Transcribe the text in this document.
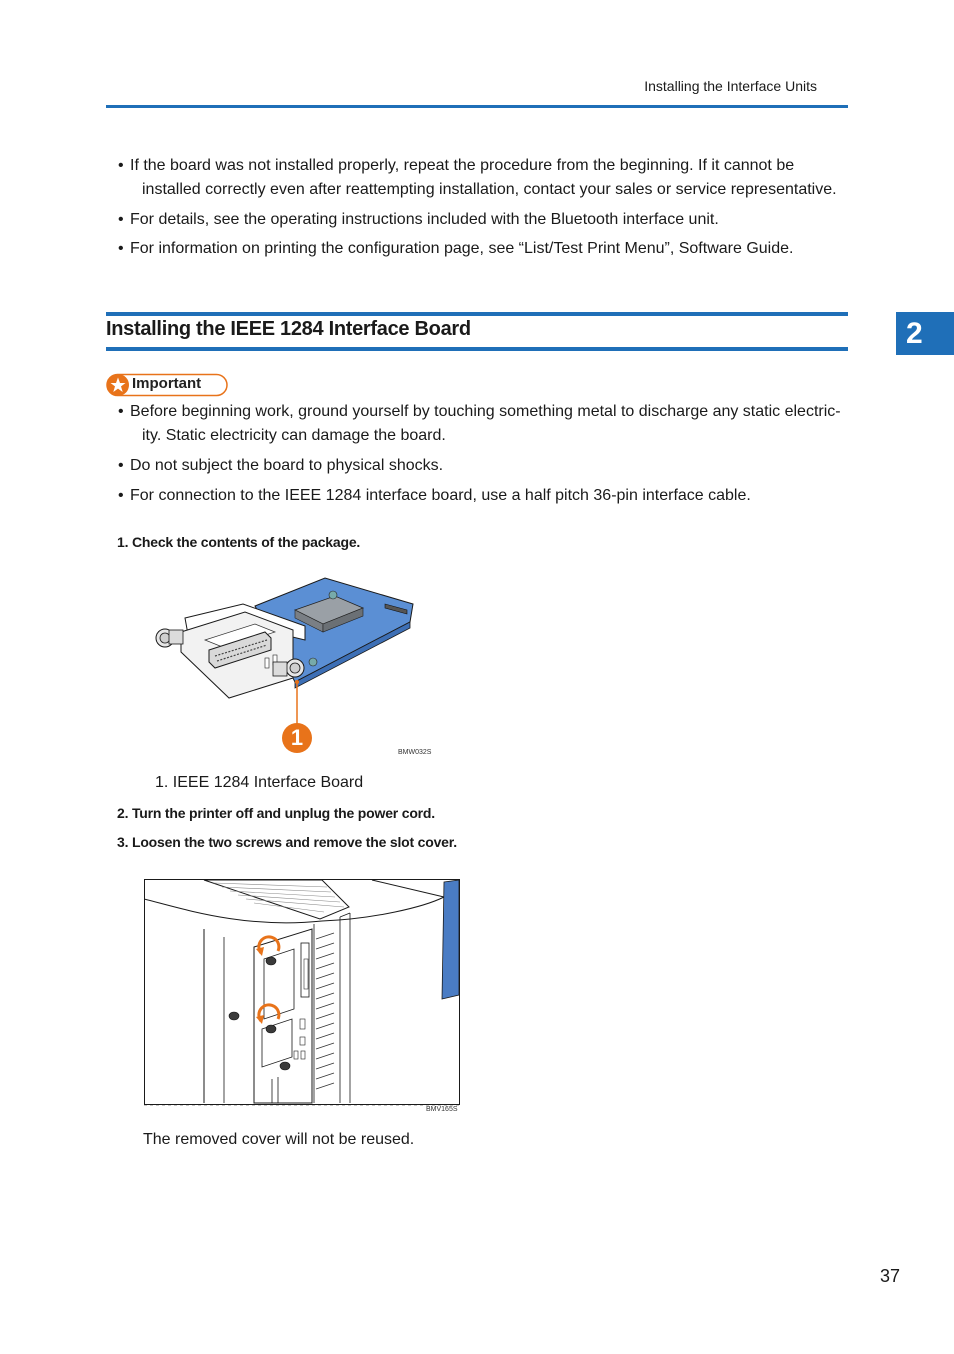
Installing the Interface Units
• If the board was not installed properly, repeat the procedure from the beginning. If it cannot be
installed correctly even after reattempting installation, contact your sales or service representative.
• For details, see the operating instructions included with the Bluetooth interface unit.
• For information on printing the configuration page, see “List/Test Print Menu”, Software Guide.
Installing the IEEE 1284 Interface Board	2
Important
• Before beginning work, ground yourself by touching something metal to discharge any static electric-
ity. Static electricity can damage the board.
• Do not subject the board to physical shocks.
• For connection to the IEEE 1284 interface board, use a half pitch 36-pin interface cable.
1. Check the contents of the package.
1
BMW032S
1. IEEE 1284 Interface Board
2. Turn the printer off and unplug the power cord.
3. Loosen the two screws and remove the slot cover.
BMV165S
The removed cover will not be reused.
37
